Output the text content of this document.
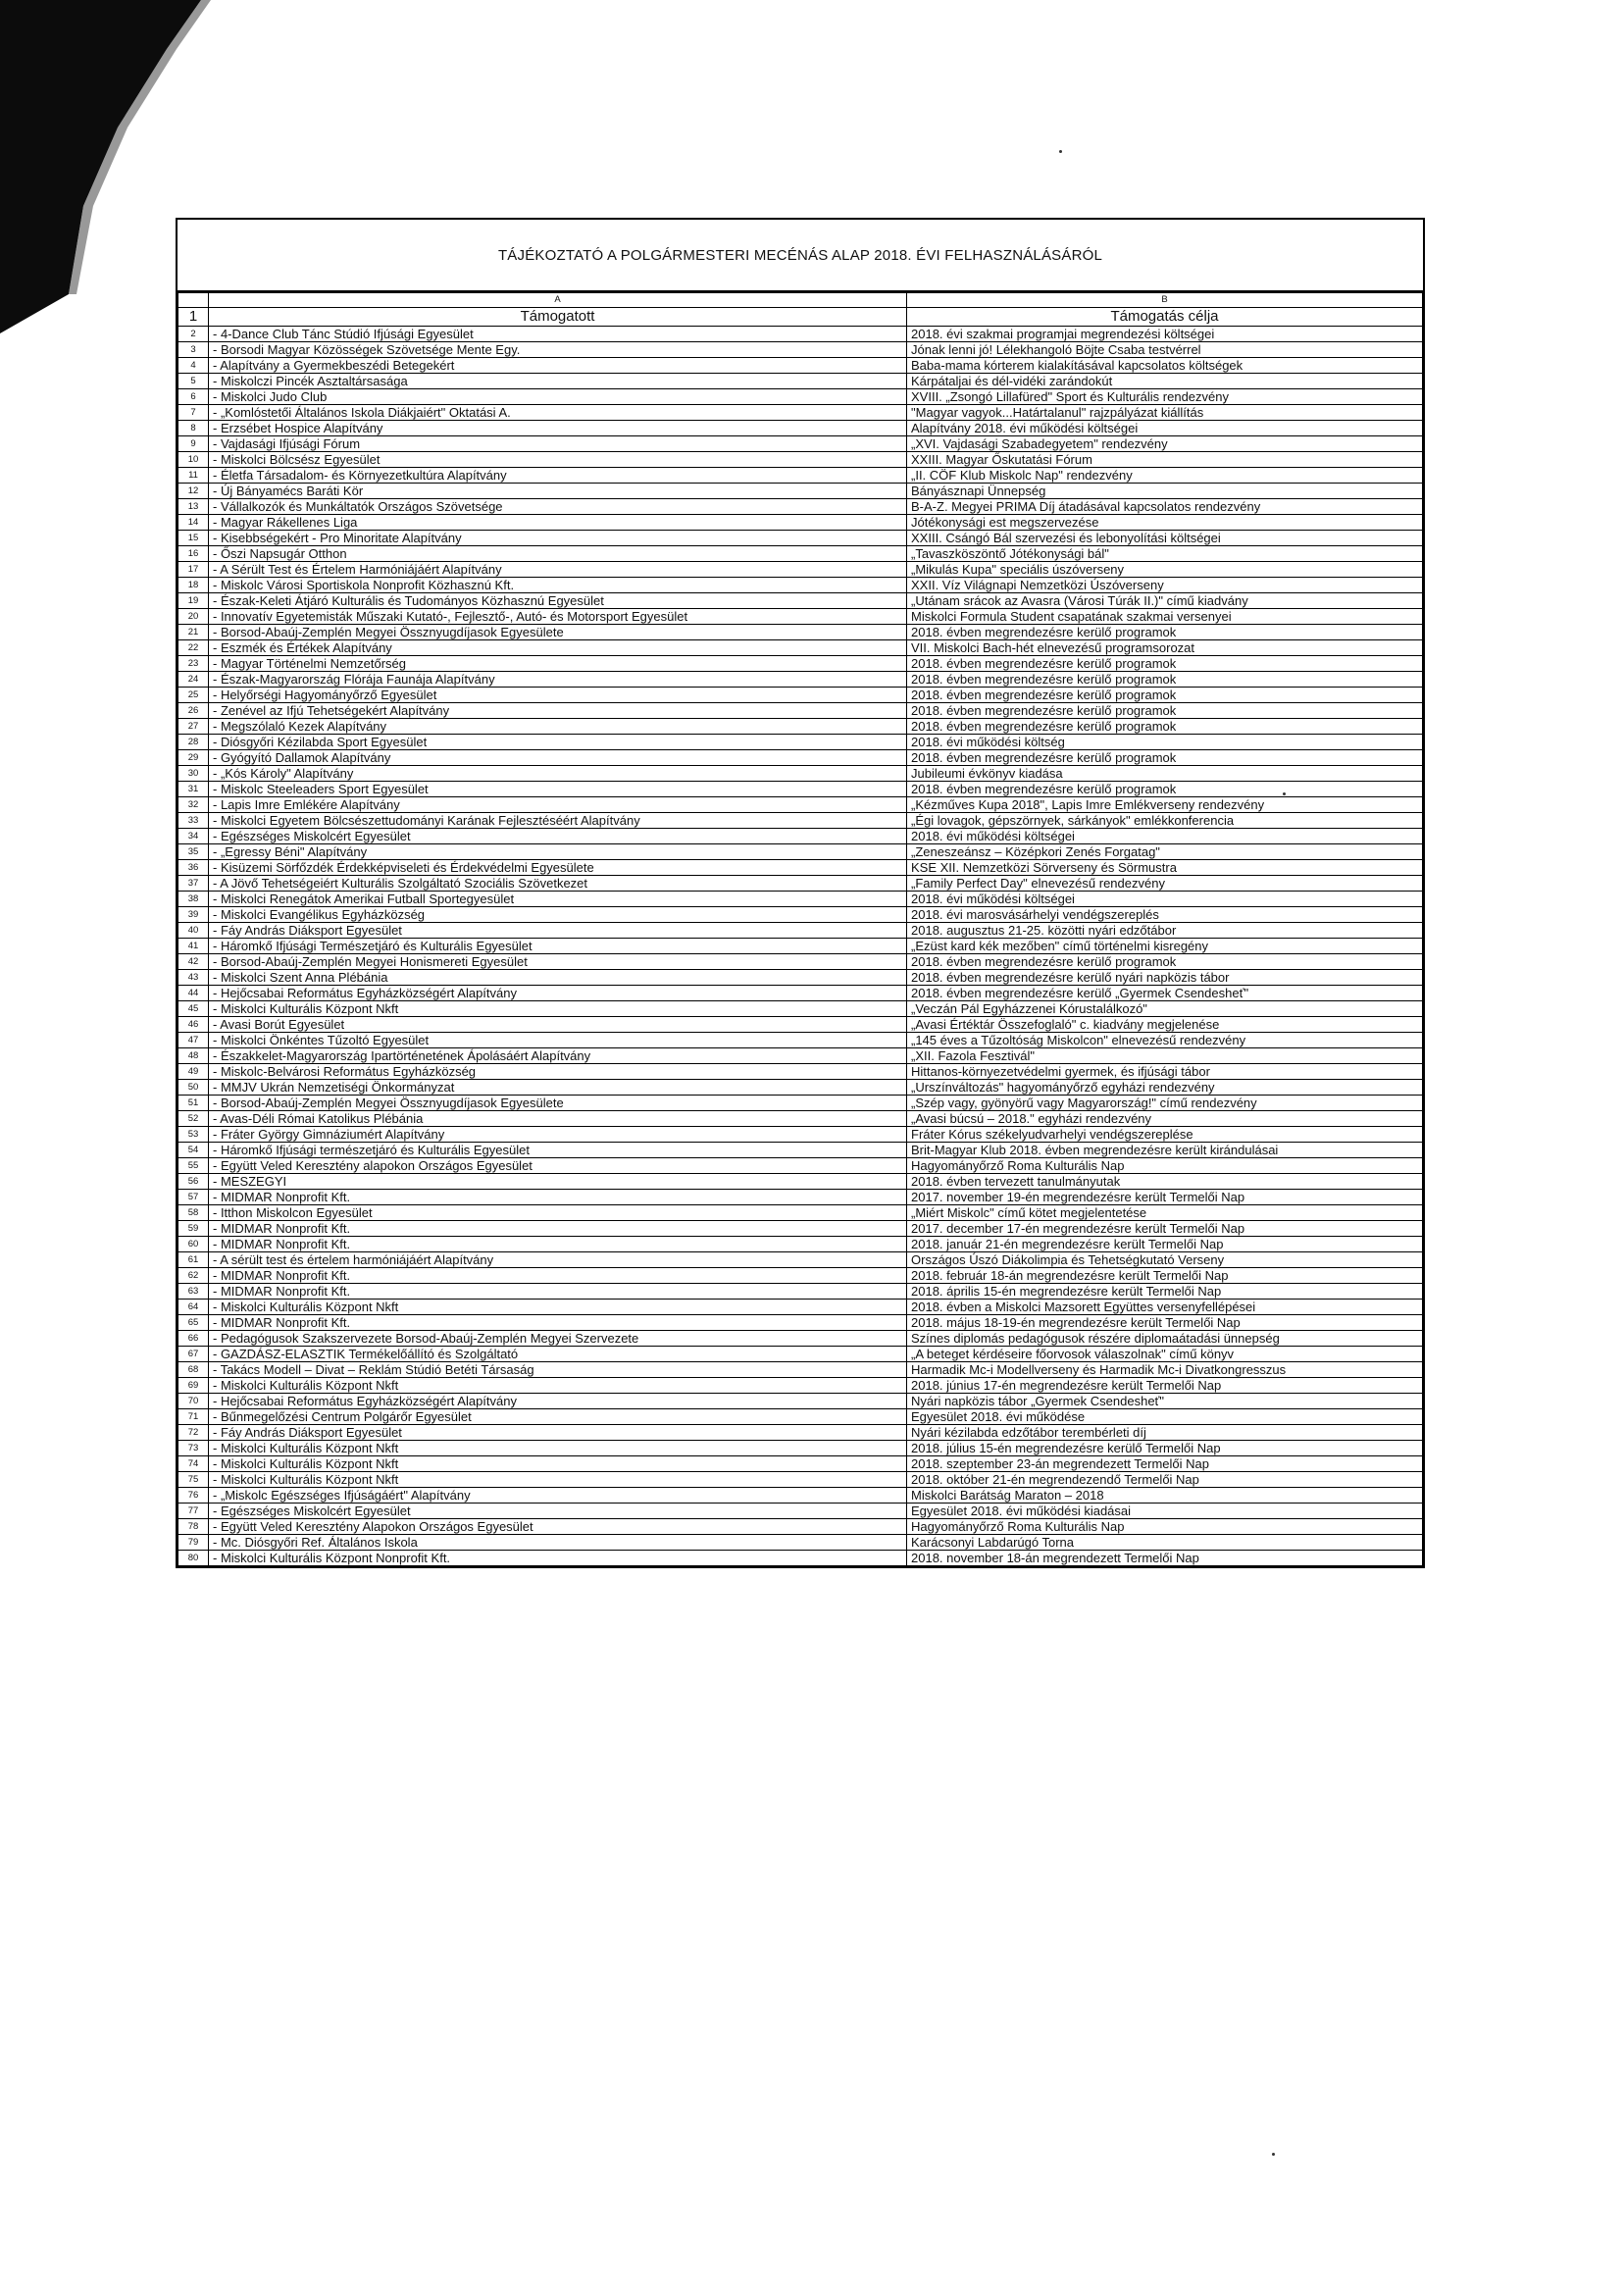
TÁJÉKOZTATÓ A POLGÁRMESTERI MECÉNÁS ALAP 2018. ÉVI FELHASZNÁLÁSÁRÓL
	A	B
1	Támogatott	Támogatás célja
2	- 4-Dance Club Tánc Stúdió Ifjúsági Egyesület	2018. évi szakmai programjai megrendezési költségei
3	- Borsodi Magyar Közösségek Szövetsége Mente Egy.	Jónak lenni jó! Lélekhangoló Böjte Csaba testvérrel
4	- Alapítvány a Gyermekbeszédi Betegekért	Baba-mama kórterem kialakításával kapcsolatos költségek
5	- Miskolczi Pincék Asztaltársasága	Kárpátaljai és dél-vidéki zarándokút
6	- Miskolci Judo Club	XVIII. „Zsongó Lillafüred" Sport és Kulturális rendezvény
7	- „Komlóstetői Általános Iskola Diákjaiért" Oktatási A.	"Magyar vagyok...Határtalanul" rajzpályázat kiállítás
8	- Erzsébet Hospice Alapítvány	Alapítvány 2018. évi működési költségei
9	- Vajdasági Ifjúsági Fórum	„XVI. Vajdasági Szabadegyetem" rendezvény
10	- Miskolci Bölcsész Egyesület	XXIII. Magyar Őskutatási Fórum
11	- Életfa Társadalom- és Környezetkultúra Alapítvány	„II. CÖF Klub Miskolc Nap" rendezvény
12	- Új Bányamécs Baráti Kör	Bányásznapi Ünnepség
13	- Vállalkozók és Munkáltatók Országos Szövetsége	B-A-Z. Megyei PRIMA Díj átadásával kapcsolatos rendezvény
14	- Magyar Rákellenes Liga	Jótékonysági est megszervezése
15	- Kisebbségekért - Pro Minoritate Alapítvány	XXIII. Csángó Bál szervezési és lebonyolítási költségei
16	- Őszi Napsugár Otthon	„Tavaszköszöntő Jótékonysági bál"
17	- A Sérült Test és Értelem Harmóniájáért Alapítvány	„Mikulás Kupa" speciális úszóverseny
18	- Miskolc Városi Sportiskola Nonprofit Közhasznú Kft.	XXII. Víz Világnapi Nemzetközi Úszóverseny
19	- Észak-Keleti Átjáró Kulturális és Tudományos Közhasznú Egyesület	„Utánam srácok az Avasra (Városi Túrák II.)" című kiadvány
20	- Innovatív Egyetemisták Műszaki Kutató-, Fejlesztő-, Autó- és Motorsport Egyesület	Miskolci Formula Student csapatának szakmai versenyei
21	- Borsod-Abaúj-Zemplén Megyei Össznyugdíjasok Egyesülete	2018. évben megrendezésre kerülő programok
22	- Eszmék és Értékek Alapítvány	VII. Miskolci Bach-hét elnevezésű programsorozat
23	- Magyar Történelmi Nemzetőrség	2018. évben megrendezésre kerülő programok
24	- Észak-Magyarország Flórája Faunája Alapítvány	2018. évben megrendezésre kerülő programok
25	- Helyőrségi Hagyományőrző Egyesület	2018. évben megrendezésre kerülő programok
26	- Zenével az Ifjú Tehetségekért Alapítvány	2018. évben megrendezésre kerülő programok
27	- Megszólaló Kezek Alapítvány	2018. évben megrendezésre kerülő programok
28	- Diósgyőri Kézilabda Sport Egyesület	2018. évi működési költség
29	- Gyógyító Dallamok Alapítvány	2018. évben megrendezésre kerülő programok
30	- „Kós Károly" Alapítvány	Jubileumi évkönyv kiadása
31	- Miskolc Steeleaders Sport Egyesület	2018. évben megrendezésre kerülő programok
32	- Lapis Imre Emlékére Alapítvány	„Kézműves Kupa 2018", Lapis Imre Emlékverseny rendezvény
33	- Miskolci Egyetem Bölcsészettudományi Karának Fejlesztéséért Alapítvány	„Égi lovagok, gépszörnyek, sárkányok" emlékkonferencia
34	- Egészséges Miskolcért Egyesület	2018. évi működési költségei
35	- „Egressy Béni" Alapítvány	„Zeneszeánsz – Középkori Zenés Forgatag"
36	- Kisüzemi Sörfőzdék Érdekképviseleti és Érdekvédelmi Egyesülete	KSE XII. Nemzetközi Sörverseny és Sörmustra
37	- A Jövő Tehetségeiért Kulturális Szolgáltató Szociális Szövetkezet	„Family Perfect Day" elnevezésű rendezvény
38	- Miskolci Renegátok Amerikai Futball Sportegyesület	2018. évi működési költségei
39	- Miskolci Evangélikus Egyházközség	2018. évi marosvásárhelyi vendégszereplés
40	- Fáy András Diáksport Egyesület	2018. augusztus 21-25. közötti nyári edzőtábor
41	- Háromkő Ifjúsági Természetjáró és Kulturális Egyesület	„Ezüst kard kék mezőben" című történelmi kisregény
42	- Borsod-Abaúj-Zemplén Megyei Honismereti Egyesület	2018. évben megrendezésre kerülő programok
43	- Miskolci Szent Anna Plébánia	2018. évben megrendezésre kerülő nyári napközis tábor
44	- Hejőcsabai Református Egyházközségért Alapítvány	2018. évben megrendezésre kerülő „Gyermek Csendesheť"
45	- Miskolci Kulturális Központ Nkft	„Veczán Pál Egyházzenei Kórustalálkozó"
46	- Avasi Borút Egyesület	„Avasi Értéktár Összefoglaló" c. kiadvány megjelenése
47	- Miskolci Önkéntes Tűzoltó Egyesület	„145 éves a Tűzoltóság Miskolcon" elnevezésű rendezvény
48	- Északkelet-Magyarország Ipartörténetének Ápolásáért Alapítvány	„XII. Fazola Fesztivál"
49	- Miskolc-Belvárosi Református Egyházközség	Hittanos-környezetvédelmi gyermek, és ifjúsági tábor
50	- MMJV Ukrán Nemzetiségi Önkormányzat	„Urszínváltozás" hagyományőrző egyházi rendezvény
51	- Borsod-Abaúj-Zemplén Megyei Össznyugdíjasok Egyesülete	„Szép vagy, gyönyörű vagy Magyarország!" című rendezvény
52	- Avas-Déli Római Katolikus Plébánia	„Avasi búcsú – 2018." egyházi rendezvény
53	- Fráter György Gimnáziumért Alapítvány	Fráter Kórus székelyudvarhelyi vendégszereplése
54	- Háromkő Ifjúsági természetjáró és Kulturális Egyesület	Brit-Magyar Klub 2018. évben megrendezésre került kirándulásai
55	- Együtt Veled Keresztény alapokon Országos Egyesület	Hagyományőrző Roma Kulturális Nap
56	- MESZEGYI	2018. évben tervezett tanulmányutak
57	- MIDMAR Nonprofit Kft.	2017. november 19-én megrendezésre került Termelői Nap
58	- Itthon Miskolcon Egyesület	„Miért Miskolc" című kötet megjelentetése
59	- MIDMAR Nonprofit Kft.	2017. december 17-én megrendezésre került Termelői Nap
60	- MIDMAR Nonprofit Kft.	2018. január 21-én megrendezésre került Termelői Nap
61	- A sérült test és értelem harmóniájáért Alapítvány	Országos Úszó Diákolimpia és Tehetségkutató Verseny
62	- MIDMAR Nonprofit Kft.	2018. február 18-án megrendezésre került Termelői Nap
63	- MIDMAR Nonprofit Kft.	2018. április 15-én megrendezésre került Termelői Nap
64	- Miskolci Kulturális Központ Nkft	2018. évben a Miskolci Mazsorett Együttes versenyfellépései
65	- MIDMAR Nonprofit Kft.	2018. május 18-19-én megrendezésre került Termelői Nap
66	- Pedagógusok Szakszervezete Borsod-Abaúj-Zemplén Megyei Szervezete	Színes diplomás pedagógusok részére diplomaátadási ünnepség
67	- GAZDÁSZ-ELASZTIK Termékelőállító és Szolgáltató	„A beteget kérdéseire főorvosok válaszolnak" című könyv
68	- Takács Modell – Divat – Reklám Stúdió Betéti Társaság	Harmadik Mc-i Modellverseny és Harmadik Mc-i Divatkongresszus
69	- Miskolci Kulturális Központ Nkft	2018. június 17-én megrendezésre került Termelői Nap
70	- Hejőcsabai Református Egyházközségért Alapítvány	Nyári napközis tábor „Gyermek Csendesheť"
71	- Bűnmegelőzési Centrum Polgárőr Egyesület	Egyesület 2018. évi működése
72	- Fáy András Diáksport Egyesület	Nyári kézilabda edzőtábor terembérleti díj
73	- Miskolci Kulturális Központ Nkft	2018. július 15-én megrendezésre kerülő Termelői Nap
74	- Miskolci Kulturális Központ Nkft	2018. szeptember 23-án megrendezett Termelői Nap
75	- Miskolci Kulturális Központ Nkft	2018. október 21-én megrendezendő Termelői Nap
76	- „Miskolc Egészséges Ifjúságáért" Alapítvány	Miskolci Barátság Maraton – 2018
77	- Egészséges Miskolcért Egyesület	Egyesület 2018. évi működési kiadásai
78	- Együtt Veled Keresztény Alapokon Országos Egyesület	Hagyományőrző Roma Kulturális Nap
79	- Mc. Diósgyőri Ref. Általános Iskola	Karácsonyi Labdarúgó Torna
80	- Miskolci Kulturális Központ Nonprofit Kft.	2018. november 18-án megrendezett Termelői Nap
